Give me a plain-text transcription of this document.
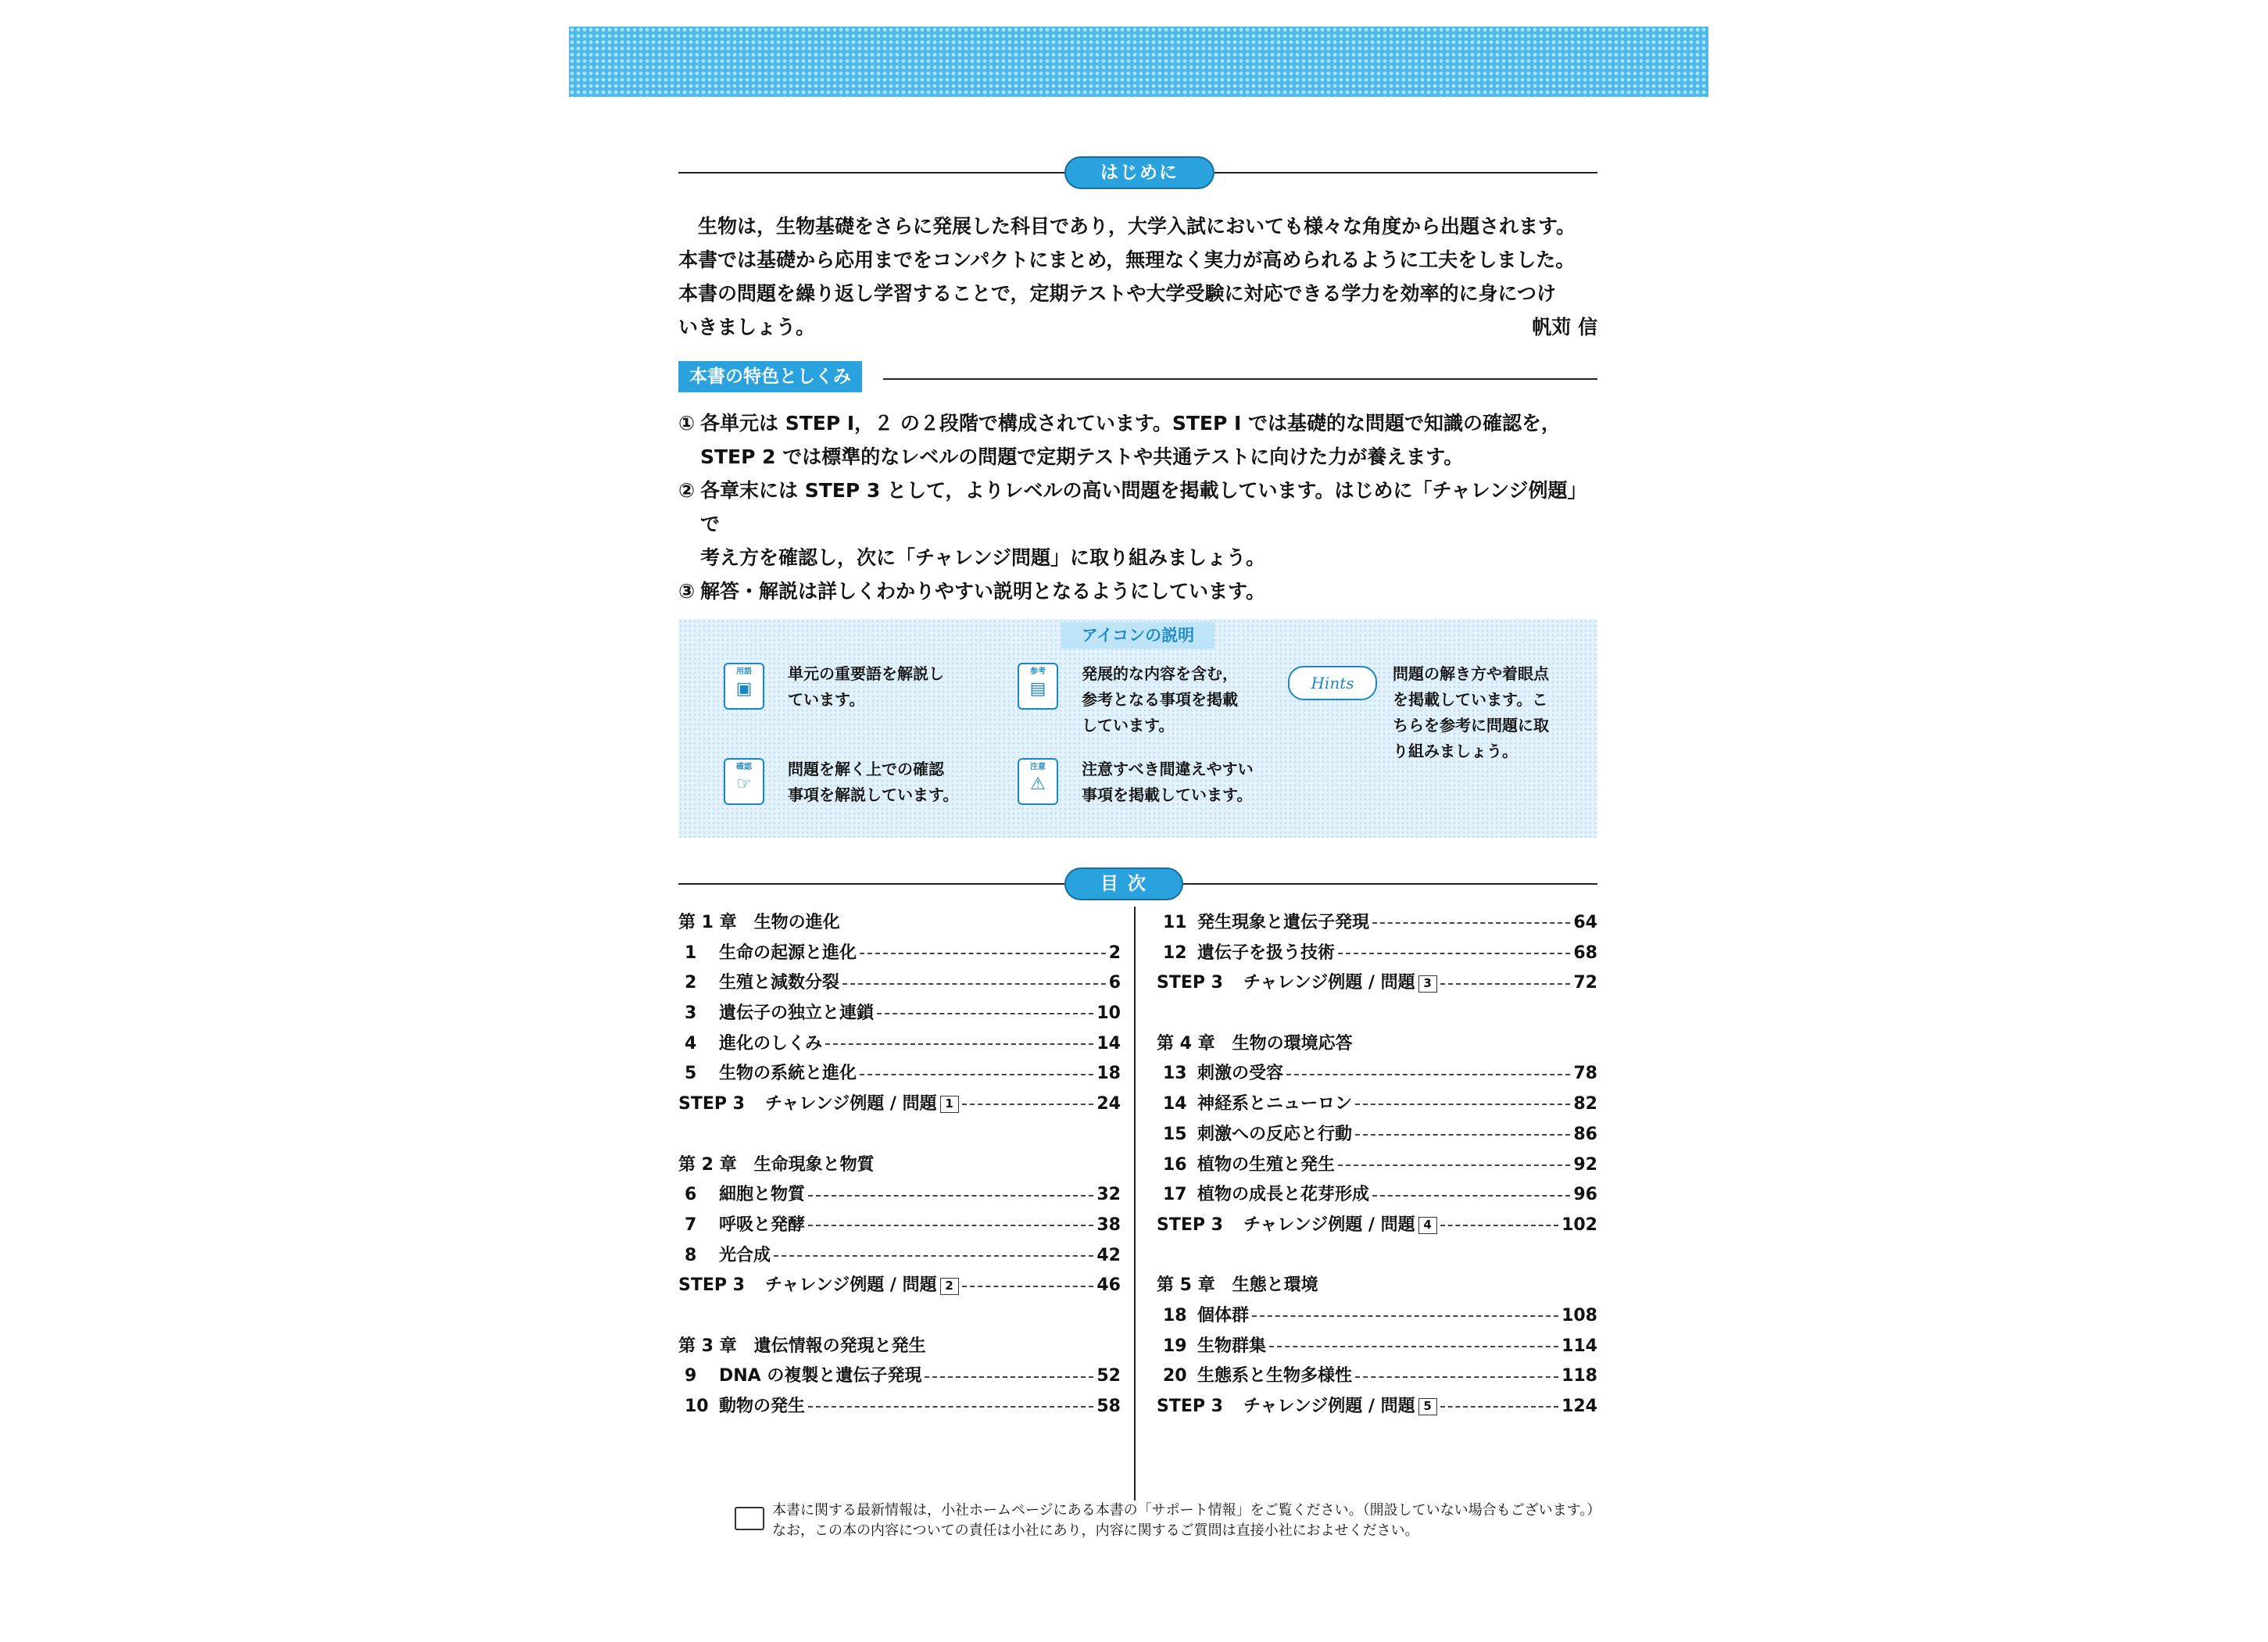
はじめに

生物は，生物基礎をさらに発展した科目であり，大学入試においても様々な角度から出題されます。

本書では基礎から応用までをコンパクトにまとめ，無理なく実力が高められるように工夫をしました。
本書の問題を繰り返し学習することで，定期テストや大学受験に対応できる学力を効率的に身につけ
いきましょう。	帆苅 信
本書の特色としくみ
① 各単元は STEP Ⅰ，２ の２段階で構成されています。STEP Ⅰ では基礎的な問題で知識の確認を，
STEP 2 では標準的なレベルの問題で定期テストや共通テストに向けた力が養えます。
② 各章末には STEP 3 として，よりレベルの高い問題を掲載しています。はじめに「チャレンジ例題」で
考え方を確認し，次に「チャレンジ問題」に取り組みましょう。
③ 解答・解説は詳しくわかりやすい説明となるようにしています。
アイコンの説明
用語
▣
単元の重要語を解説し
ています。
参考
▤
発展的な内容を含む，
参考となる事項を掲載
しています。
Hints	問題の解き方や着眼点
を掲載しています。こ
ちらを参考に問題に取
り組みましょう。
確認
☞
問題を解く上での確認
事項を解説しています。
注意
⚠
注意すべき間違えやすい
事項を掲載しています。
目 次
第 1 章　生物の進化
1	生命の起源と進化	2
2	生殖と減数分裂	6
3	遺伝子の独立と連鎖	10
4	進化のしくみ	14
5	生物の系統と進化	18
STEP 3 チャレンジ例題 / 問題 1	24
第 2 章　生命現象と物質
6	細胞と物質	32
7	呼吸と発酵	38
8	光合成	42
STEP 3 チャレンジ例題 / 問題 2	46
第 3 章　遺伝情報の発現と発生
9	DNA の複製と遺伝子発現	52
10 動物の発生	58
11 発生現象と遺伝子発現	64
12 遺伝子を扱う技術	68
STEP 3 チャレンジ例題 / 問題 3	72
第 4 章　生物の環境応答
13 刺激の受容	78
14 神経系とニューロン	82
15 刺激への反応と行動	86
16 植物の生殖と発生	92
17 植物の成長と花芽形成	96
STEP 3 チャレンジ例題 / 問題 4	102
第 5 章　生態と環境
18 個体群	108
19 生物群集	114
20 生態系と生物多様性	118
STEP 3 チャレンジ例題 / 問題 5	124
本書に関する最新情報は，小社ホームページにある本書の「サポート情報」をご覧ください。（開設していない場合もございます。）
なお，この本の内容についての責任は小社にあり，内容に関するご質問は直接小社におよせください。
